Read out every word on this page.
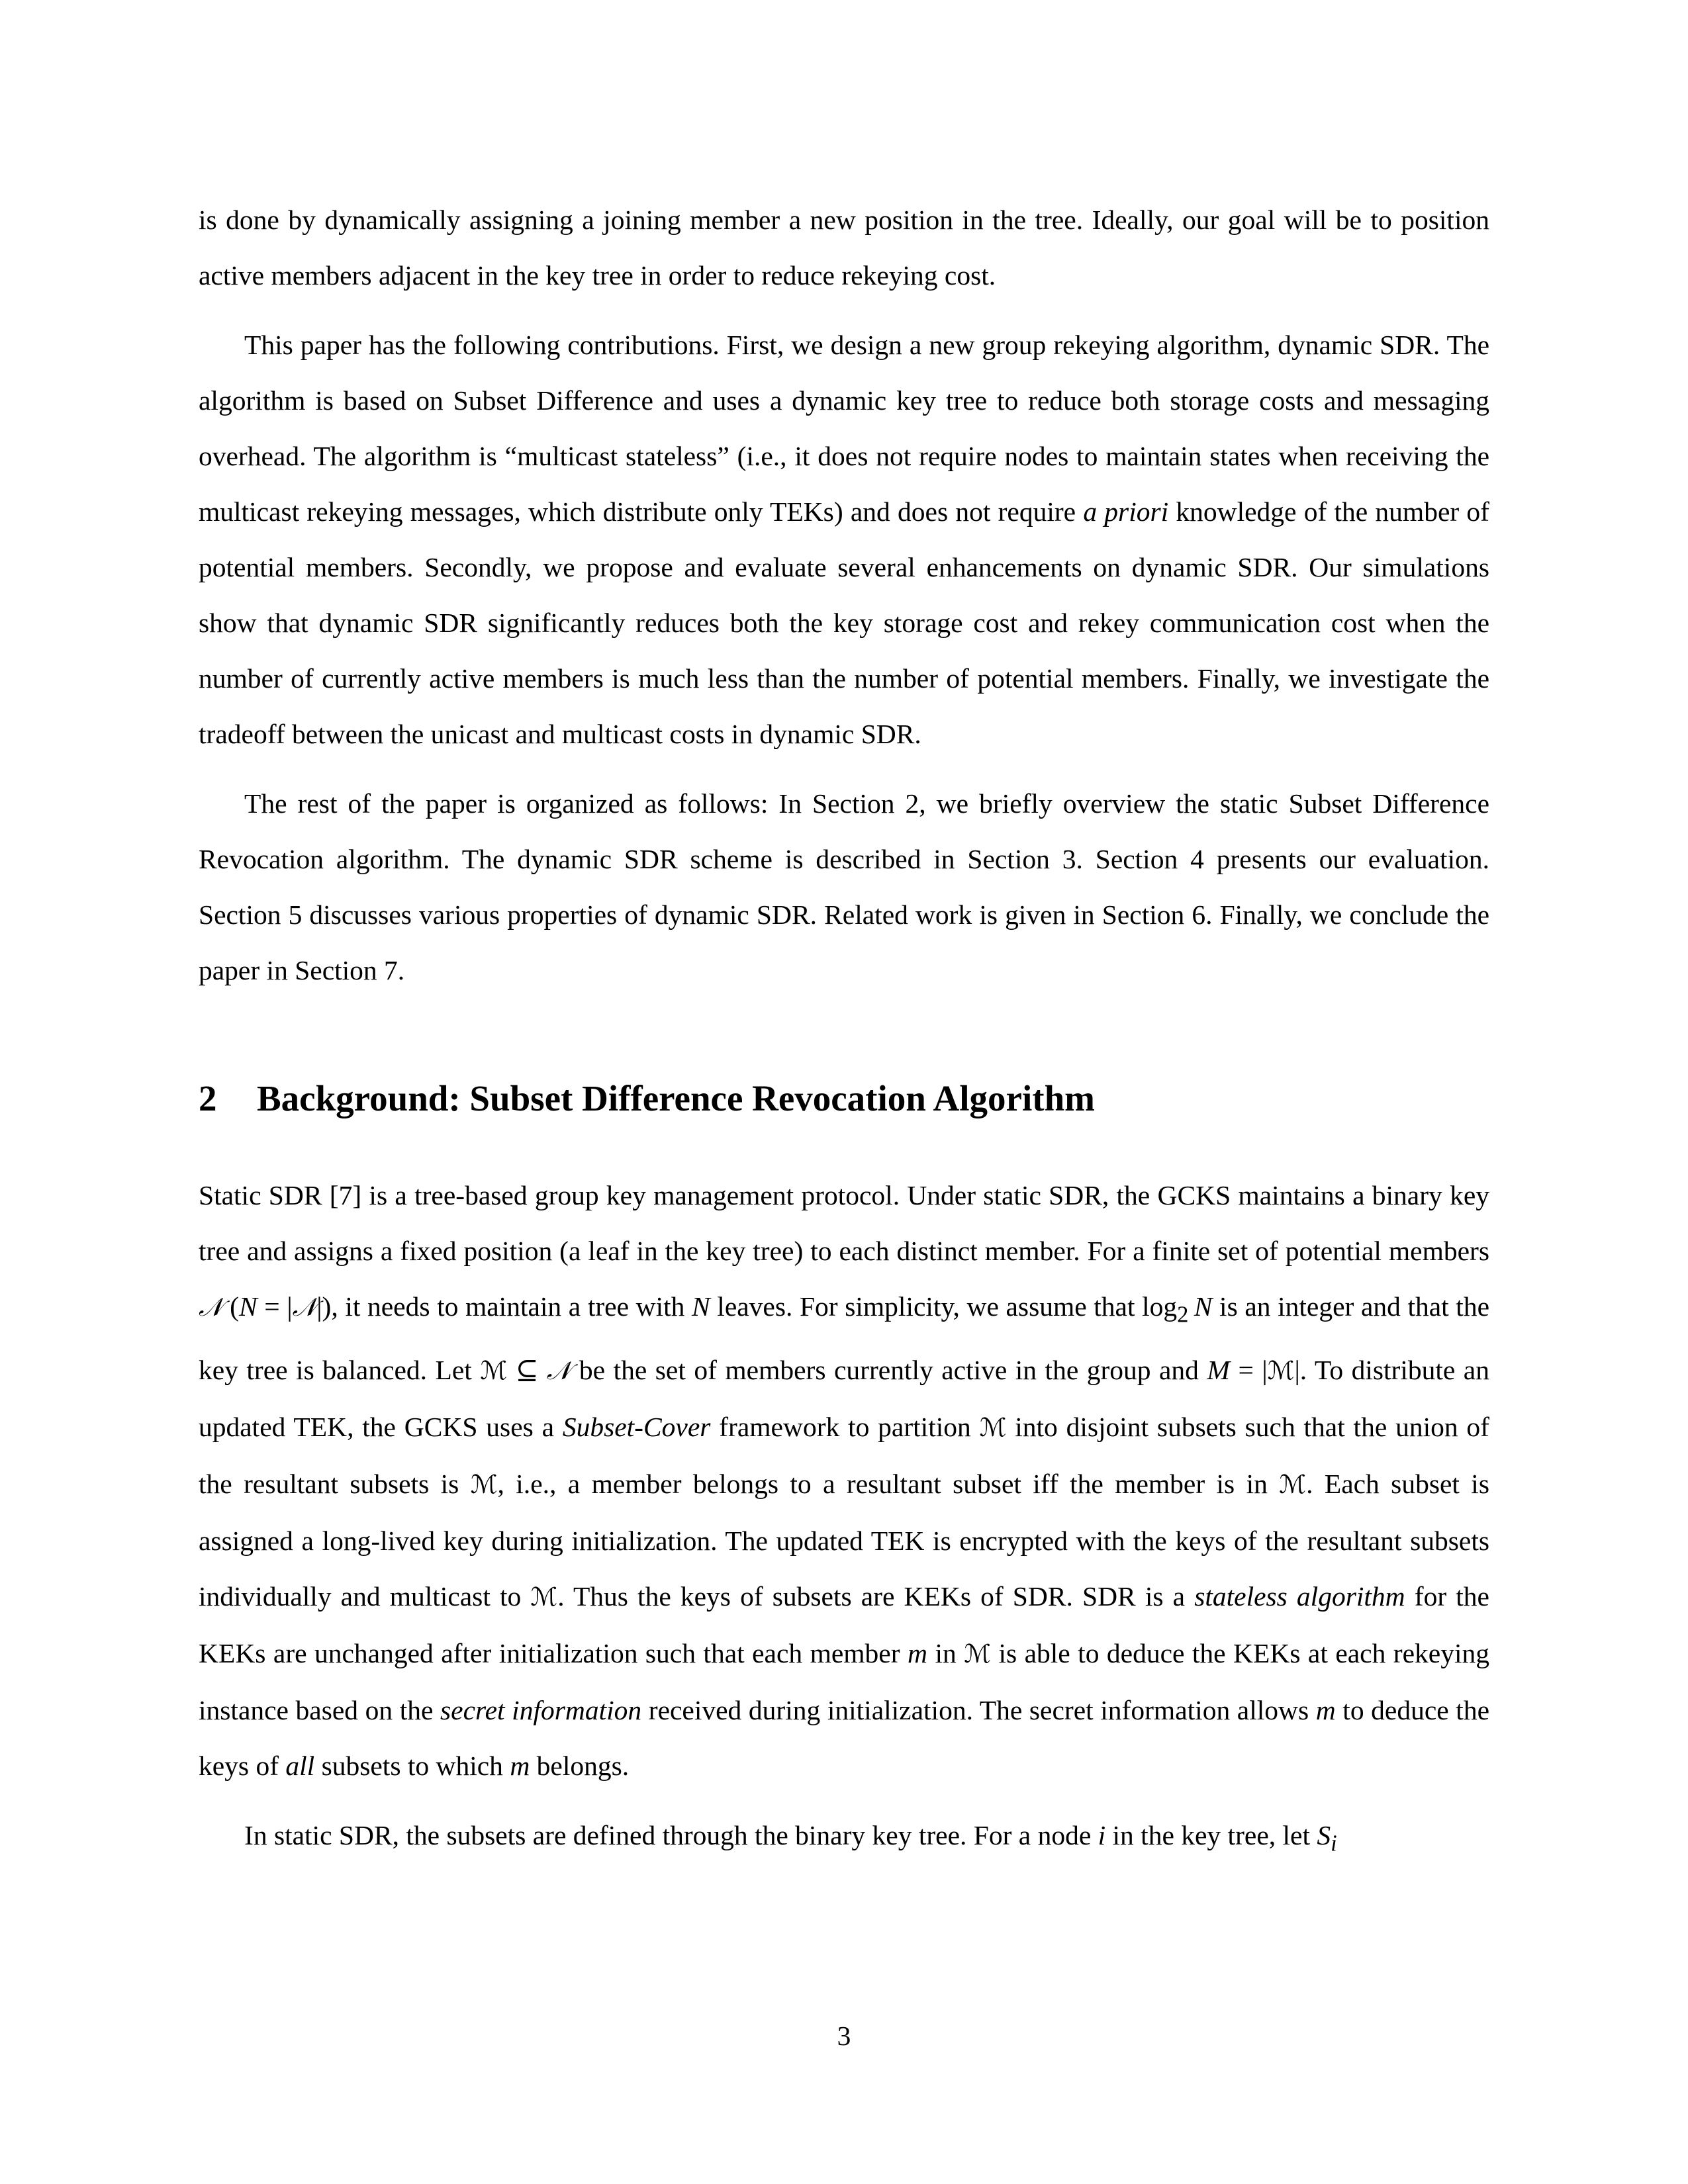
is done by dynamically assigning a joining member a new position in the tree. Ideally, our goal will be to position active members adjacent in the key tree in order to reduce rekeying cost.

This paper has the following contributions. First, we design a new group rekeying algorithm, dynamic SDR. The algorithm is based on Subset Difference and uses a dynamic key tree to reduce both storage costs and messaging overhead. The algorithm is “multicast stateless” (i.e., it does not require nodes to maintain states when receiving the multicast rekeying messages, which distribute only TEKs) and does not require a priori knowledge of the number of potential members. Secondly, we propose and evaluate several enhancements on dynamic SDR. Our simulations show that dynamic SDR significantly reduces both the key storage cost and rekey communication cost when the number of currently active members is much less than the number of potential members. Finally, we investigate the tradeoff between the unicast and multicast costs in dynamic SDR.

The rest of the paper is organized as follows: In Section 2, we briefly overview the static Subset Difference Revocation algorithm. The dynamic SDR scheme is described in Section 3. Section 4 presents our evaluation. Section 5 discusses various properties of dynamic SDR. Related work is given in Section 6. Finally, we conclude the paper in Section 7.

2 Background: Subset Difference Revocation Algorithm

Static SDR [7] is a tree-based group key management protocol. Under static SDR, the GCKS maintains a binary key tree and assigns a fixed position (a leaf in the key tree) to each distinct member. For a finite set of potential members 𝒩 (N = |𝒩|), it needs to maintain a tree with N leaves. For simplicity, we assume that $\log_2 N$ is an integer and that the key tree is balanced. Let ℳ ⊆ 𝒩 be the set of members currently active in the group and M = |ℳ|. To distribute an updated TEK, the GCKS uses a Subset-Cover framework to partition ℳ into disjoint subsets such that the union of the resultant subsets is ℳ, i.e., a member belongs to a resultant subset iff the member is in ℳ. Each subset is assigned a long-lived key during initialization. The updated TEK is encrypted with the keys of the resultant subsets individually and multicast to ℳ. Thus the keys of subsets are KEKs of SDR. SDR is a stateless algorithm for the KEKs are unchanged after initialization such that each member m in ℳ is able to deduce the KEKs at each rekeying instance based on the secret information received during initialization. The secret information allows m to deduce the keys of all subsets to which m belongs.

In static SDR, the subsets are defined through the binary key tree. For a node i in the key tree, let $S_i$

3
